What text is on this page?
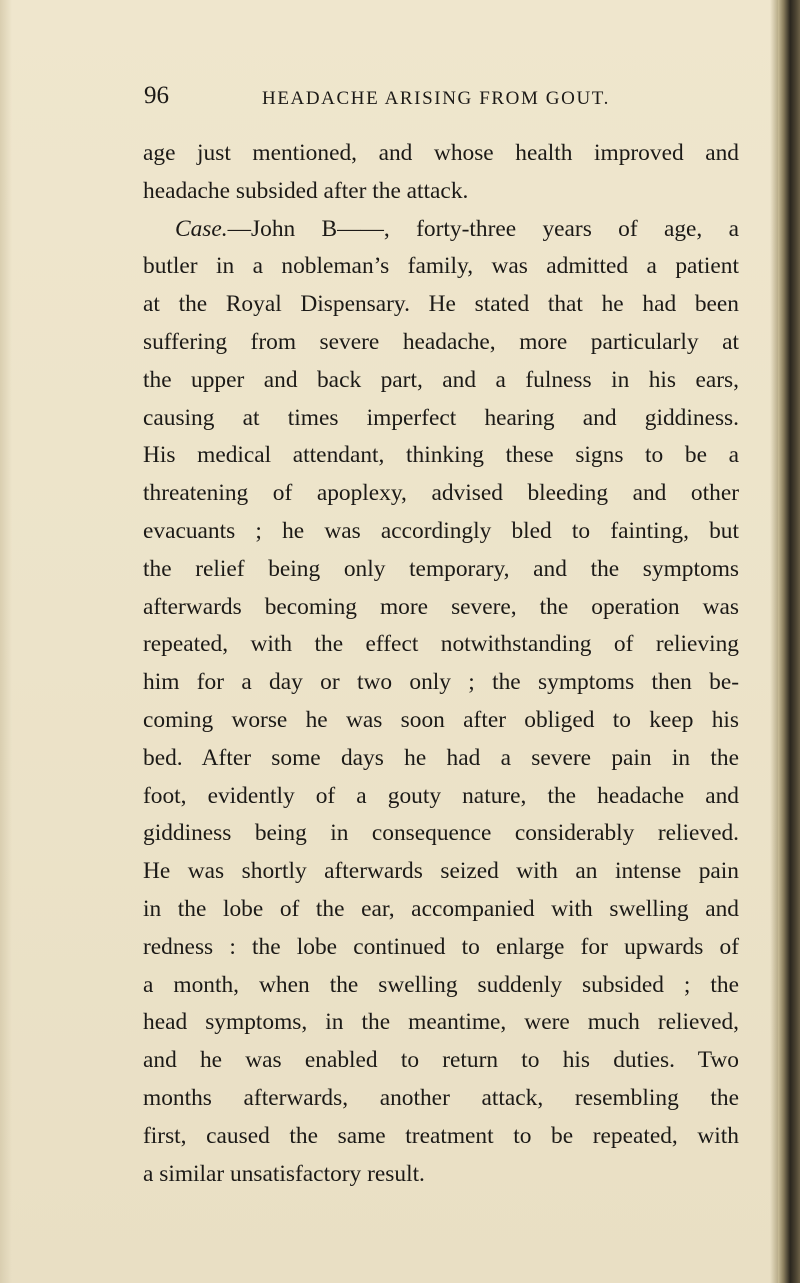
96	HEADACHE ARISING FROM GOUT.
age just mentioned, and whose health improved and
headache subsided after the attack.
Case.—John B——, forty-three years of age, a
butler in a nobleman’s family, was admitted a patient
at the Royal Dispensary. He stated that he had been
suffering from severe headache, more particularly at
the upper and back part, and a fulness in his ears,
causing at times imperfect hearing and giddiness.
His medical attendant, thinking these signs to be a
threatening of apoplexy, advised bleeding and other
evacuants ; he was accordingly bled to fainting, but
the relief being only temporary, and the symptoms
afterwards becoming more severe, the operation was
repeated, with the effect notwithstanding of relieving
him for a day or two only ; the symptoms then be-
coming worse he was soon after obliged to keep his
bed. After some days he had a severe pain in the
foot, evidently of a gouty nature, the headache and
giddiness being in consequence considerably relieved.
He was shortly afterwards seized with an intense pain
in the lobe of the ear, accompanied with swelling and
redness : the lobe continued to enlarge for upwards of
a month, when the swelling suddenly subsided ; the
head symptoms, in the meantime, were much relieved,
and he was enabled to return to his duties. Two
months afterwards, another attack, resembling the
first, caused the same treatment to be repeated, with
a similar unsatisfactory result.
